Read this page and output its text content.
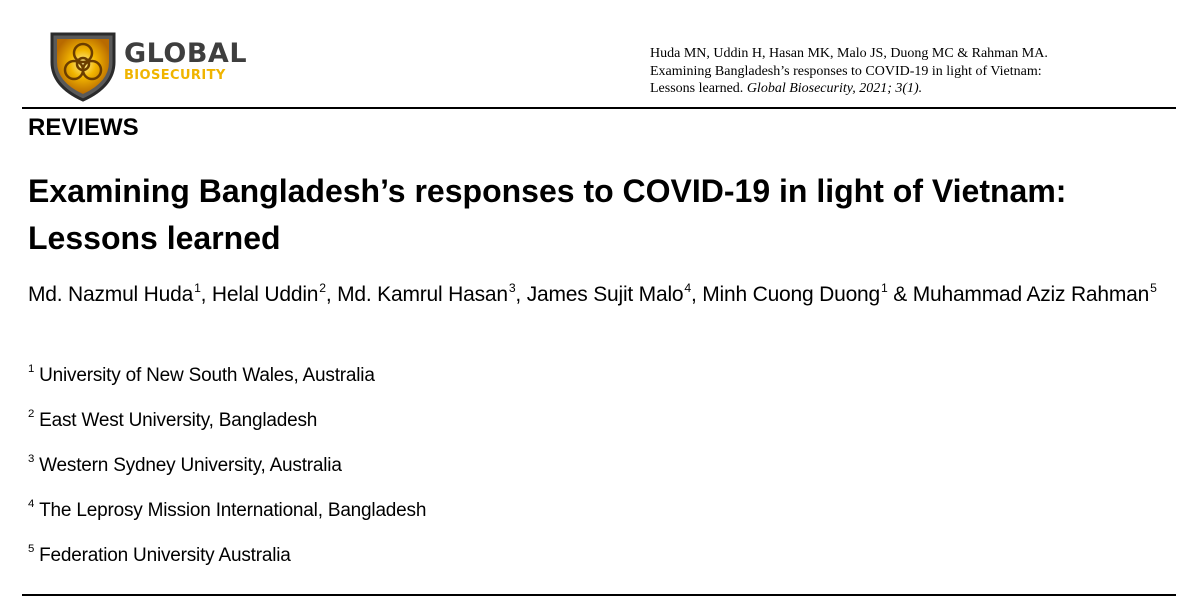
GLOBAL
BIOSECURITY

Huda MN, Uddin H, Hasan MK, Malo JS, Duong MC & Rahman MA.

Examining Bangladesh’s responses to COVID-19 in light of Vietnam:

Lessons learned. Global Biosecurity, 2021; 3(1).

REVIEWS
Examining Bangladesh’s responses to COVID-19 in light of Vietnam:
Lessons learned
Md. Nazmul Huda$^1$, Helal Uddin$^2$, Md. Kamrul Hasan$^3$, James Sujit Malo$^4$, Minh Cuong Duong$^1$ & Muhammad Aziz Rahman$^5$
$^1$ University of New South Wales, Australia
$^2$ East West University, Bangladesh
$^3$ Western Sydney University, Australia
$^4$ The Leprosy Mission International, Bangladesh
$^5$ Federation University Australia
